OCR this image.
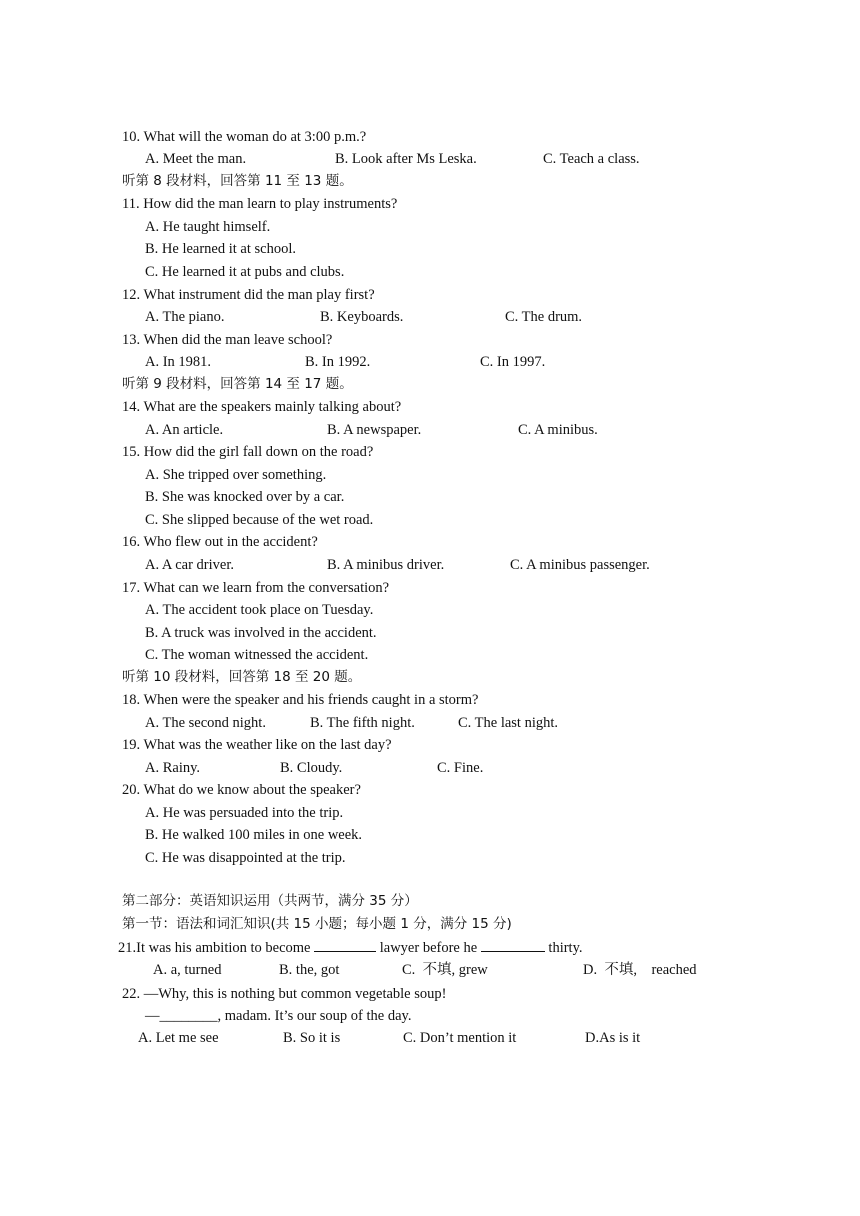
10. What will the woman do at 3:00 p.m.?
A. Meet the man.	B. Look after Ms Leska.	C. Teach a class.
听第 8 段材料，回答第 11 至 13 题。
11. How did the man learn to play instruments?
A. He taught himself.
B. He learned it at school.
C. He learned it at pubs and clubs.
12. What instrument did the man play first?
A. The piano.	B. Keyboards.	C. The drum.
13. When did the man leave school?
A. In 1981.	B. In 1992.	C. In 1997.
听第 9 段材料，回答第 14 至 17 题。
14. What are the speakers mainly talking about?
A. An article.	B. A newspaper.	C. A minibus.
15. How did the girl fall down on the road?
A. She tripped over something.
B. She was knocked over by a car.
C. She slipped because of the wet road.
16. Who flew out in the accident?
A. A car driver.	B. A minibus driver.	C. A minibus passenger.
17. What can we learn from the conversation?
A. The accident took place on Tuesday.
B. A truck was involved in the accident.
C. The woman witnessed the accident.
听第 10 段材料，回答第 18 至 20 题。
18. When were the speaker and his friends caught in a storm?
A. The second night.	B. The fifth night.	C. The last night.
19. What was the weather like on the last day?
A. Rainy.	B. Cloudy.	C. Fine.
20. What do we know about the speaker?
A. He was persuaded into the trip.
B. He walked 100 miles in one week.
C. He was disappointed at the trip.
第二部分：英语知识运用（共两节，满分 35 分）
第一节：语法和词汇知识(共 15 小题；每小题 1 分，满分 15 分)
21.It was his ambition to become	lawyer before he	thirty.
A. a, turned	B. the, got	C.  不填, grew	D.  不填,    reached
22. —Why, this is nothing but common vegetable soup!
—________, madam. It’s our soup of the day.
A. Let me see	B. So it is	C. Don’t mention it	D.As is it
